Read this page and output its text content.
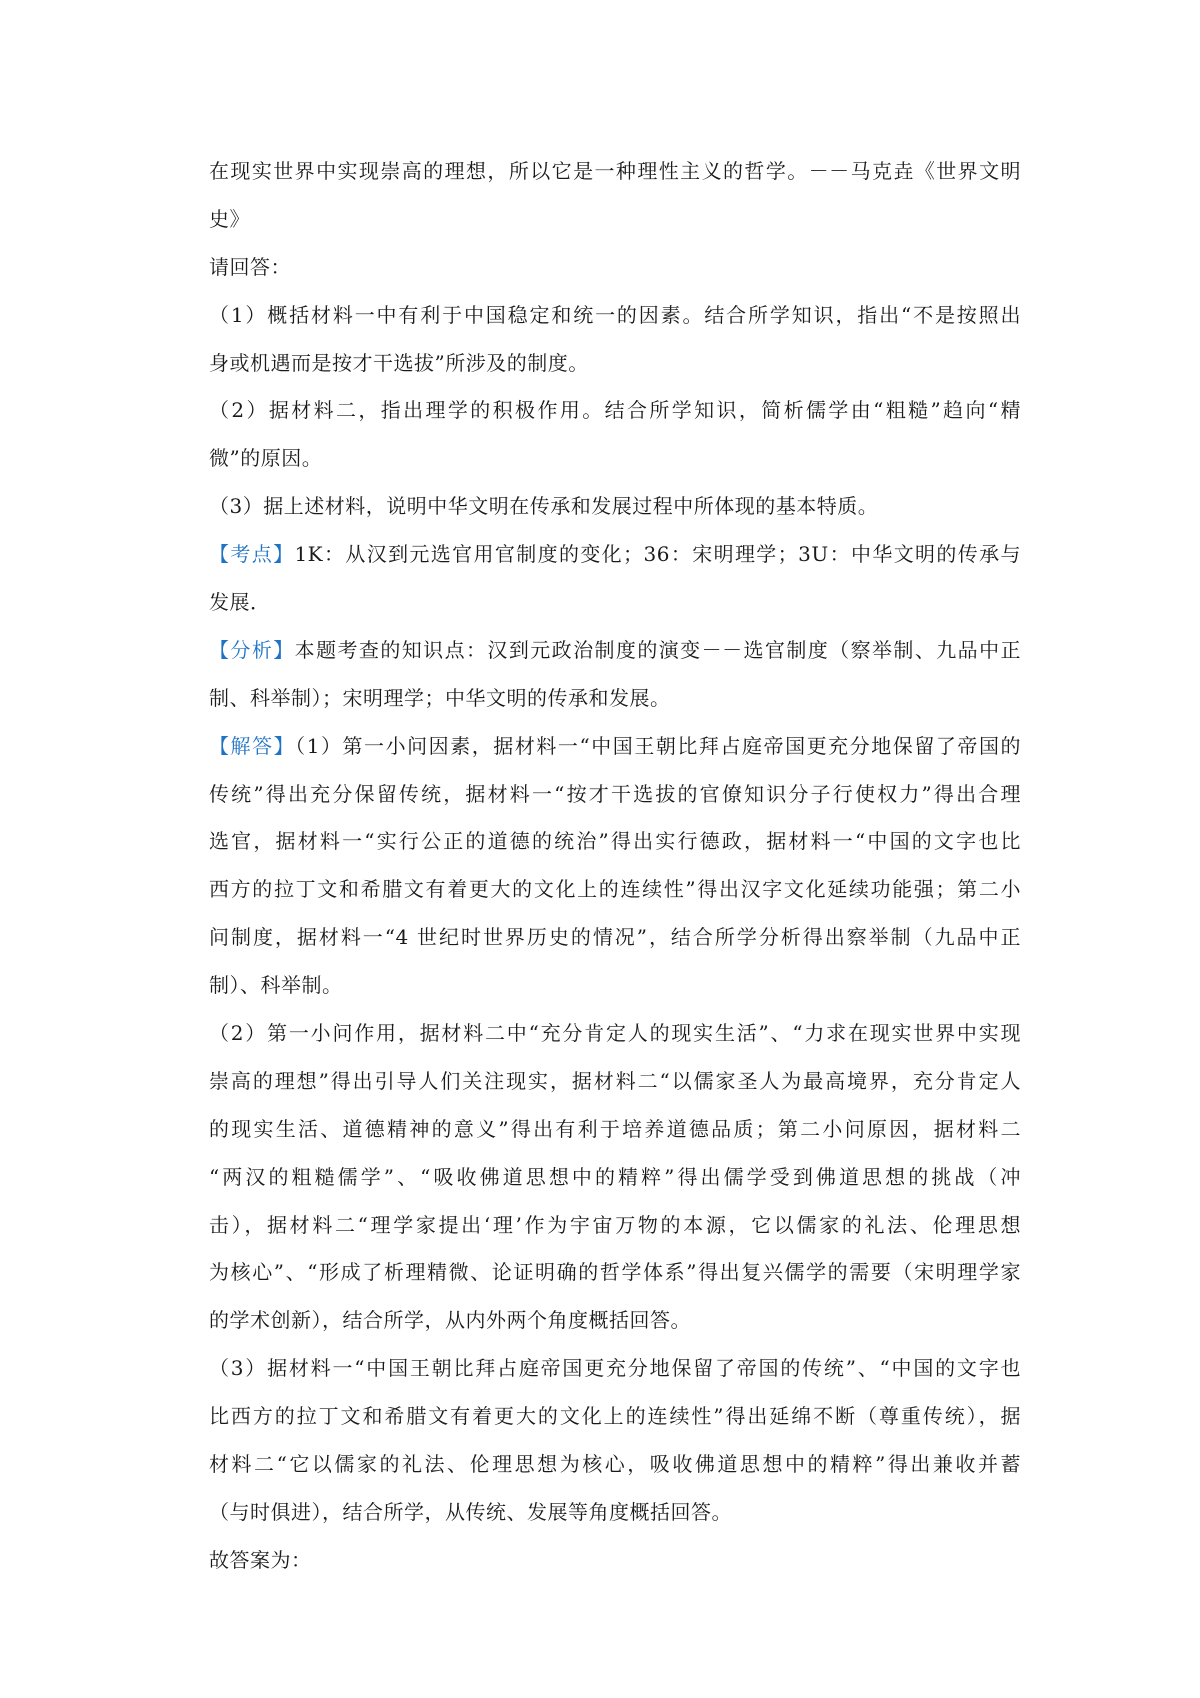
在现实世界中实现崇高的理想，所以它是一种理性主义的哲学。－－马克垚《世界文明
史》
请回答：
（1）概括材料一中有利于中国稳定和统一的因素。结合所学知识，指出“不是按照出
身或机遇而是按才干选拔”所涉及的制度。
（2）据材料二，指出理学的积极作用。结合所学知识，简析儒学由“粗糙”趋向“精
微”的原因。
（3）据上述材料，说明中华文明在传承和发展过程中所体现的基本特质。
【考点】1K：从汉到元选官用官制度的变化；36：宋明理学；3U：中华文明的传承与
发展．
【分析】本题考查的知识点：汉到元政治制度的演变－－选官制度（察举制、九品中正
制、科举制）；宋明理学；中华文明的传承和发展。
【解答】（1）第一小问因素，据材料一“中国王朝比拜占庭帝国更充分地保留了帝国的
传统”得出充分保留传统，据材料一“按才干选拔的官僚知识分子行使权力”得出合理
选官，据材料一“实行公正的道德的统治”得出实行德政，据材料一“中国的文字也比
西方的拉丁文和希腊文有着更大的文化上的连续性”得出汉字文化延续功能强；第二小
问制度，据材料一“4 世纪时世界历史的情况”，结合所学分析得出察举制（九品中正
制）、科举制。
（2）第一小问作用，据材料二中“充分肯定人的现实生活”、“力求在现实世界中实现
崇高的理想”得出引导人们关注现实，据材料二“以儒家圣人为最高境界，充分肯定人
的现实生活、道德精神的意义”得出有利于培养道德品质；第二小问原因，据材料二
“两汉的粗糙儒学”、“吸收佛道思想中的精粹”得出儒学受到佛道思想的挑战（冲
击），据材料二“理学家提出‘理’作为宇宙万物的本源，它以儒家的礼法、伦理思想
为核心”、“形成了析理精微、论证明确的哲学体系”得出复兴儒学的需要（宋明理学家
的学术创新），结合所学，从内外两个角度概括回答。
（3）据材料一“中国王朝比拜占庭帝国更充分地保留了帝国的传统”、“中国的文字也
比西方的拉丁文和希腊文有着更大的文化上的连续性”得出延绵不断（尊重传统），据
材料二“它以儒家的礼法、伦理思想为核心，吸收佛道思想中的精粹”得出兼收并蓄
（与时俱进），结合所学，从传统、发展等角度概括回答。
故答案为：
